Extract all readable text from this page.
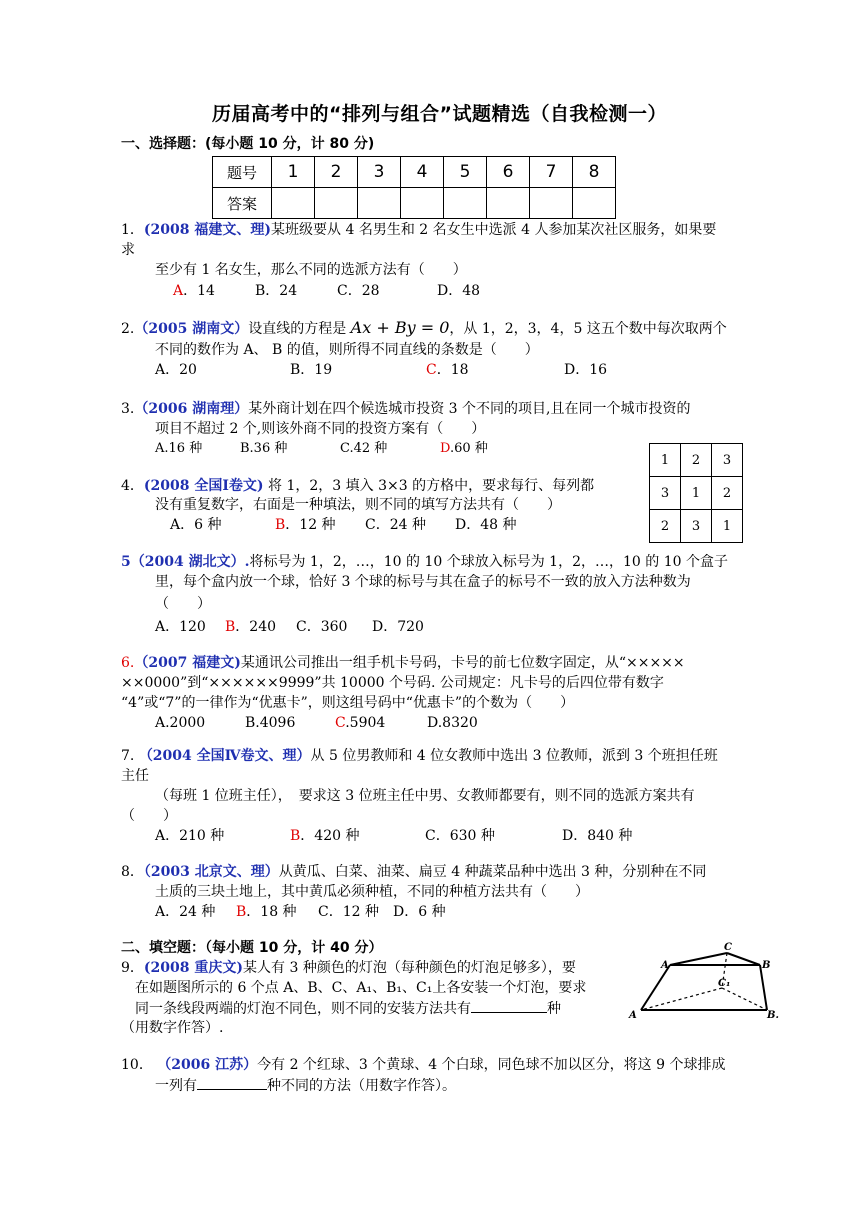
历届高考中的“排列与组合”试题精选（自我检测一）
一、选择题：(每小题 10 分，计 80 分)
题号	1	2	3	4	5	6	7	8
答案								
1．(2008 福建文、理)某班级要从 4 名男生和 2 名女生中选派 4 人参加某次社区服务，如果要
求
至少有 1 名女生，那么不同的选派方法有（　　）
A．14	B．24	C．28	D．48
2.（2005 湖南文）设直线的方程是 Ax + By = 0，从 1，2，3，4，5 这五个数中每次取两个
不同的数作为 A、 B 的值，则所得不同直线的条数是（　　）
A．20	B．19	C．18	D．16
3.（2006 湖南理）某外商计划在四个候选城市投资 3 个不同的项目,且在同一个城市投资的
项目不超过 2 个,则该外商不同的投资方案有（　　）
A.16 种	B.36 种	C.42 种	D.60 种
1	2	3
3	1	2
2	3	1
4．(2008 全国Ⅰ卷文) 将 1，2，3 填入 3×3 的方格中，要求每行、每列都
没有重复数字，右面是一种填法，则不同的填写方法共有（　　）
A．6 种	B．12 种 C．24 种 D．48 种
5（2004 湖北文）.将标号为 1，2，…，10 的 10 个球放入标号为 1，2，…，10 的 10 个盒子
里，每个盒内放一个球，恰好 3 个球的标号与其在盒子的标号不一致的放入方法种数为
（　　）
A．120 B．240 C．360 D．720
6.（2007 福建文)某通讯公司推出一组手机卡号码，卡号的前七位数字固定，从“×××××
××0000”到“××××××9999”共 10000 个号码. 公司规定：凡卡号的后四位带有数字
“4”或“7”的一律作为“优惠卡”，则这组号码中“优惠卡”的个数为（　　）
A.2000	B.4096	C.5904	D.8320
7. （2004 全国Ⅳ卷文、理）从 5 位男教师和 4 位女教师中选出 3 位教师，派到 3 个班担任班
主任
（每班 1 位班主任），　要求这 3 位班主任中男、女教师都要有，则不同的选派方案共有
（　　）
A．210 种	B．420 种	C．630 种	D．840 种
8．（2003 北京文、理）从黄瓜、白菜、油菜、扁豆 4 种蔬菜品种中选出 3 种，分别种在不同
土质的三块土地上，其中黄瓜必须种植，不同的种植方法共有（　　）
A．24 种 B．18 种 C．12 种 D．6 种
二、填空题：（每小题 10 分，计 40 分）
9．(2008 重庆文)某人有 3 种颜色的灯泡（每种颜色的灯泡足够多），要
在如题图所示的 6 个点 A、B、C、A₁、B₁、C₁上各安装一个灯泡，要求
同一条线段两端的灯泡不同色，则不同的安装方法共有	种
（用数字作答）.
C
A	B
C₁
A	B.
10． （2006 江苏）今有 2 个红球、3 个黄球、4 个白球，同色球不加以区分，将这 9 个球排成
一列有	种不同的方法（用数字作答）。
